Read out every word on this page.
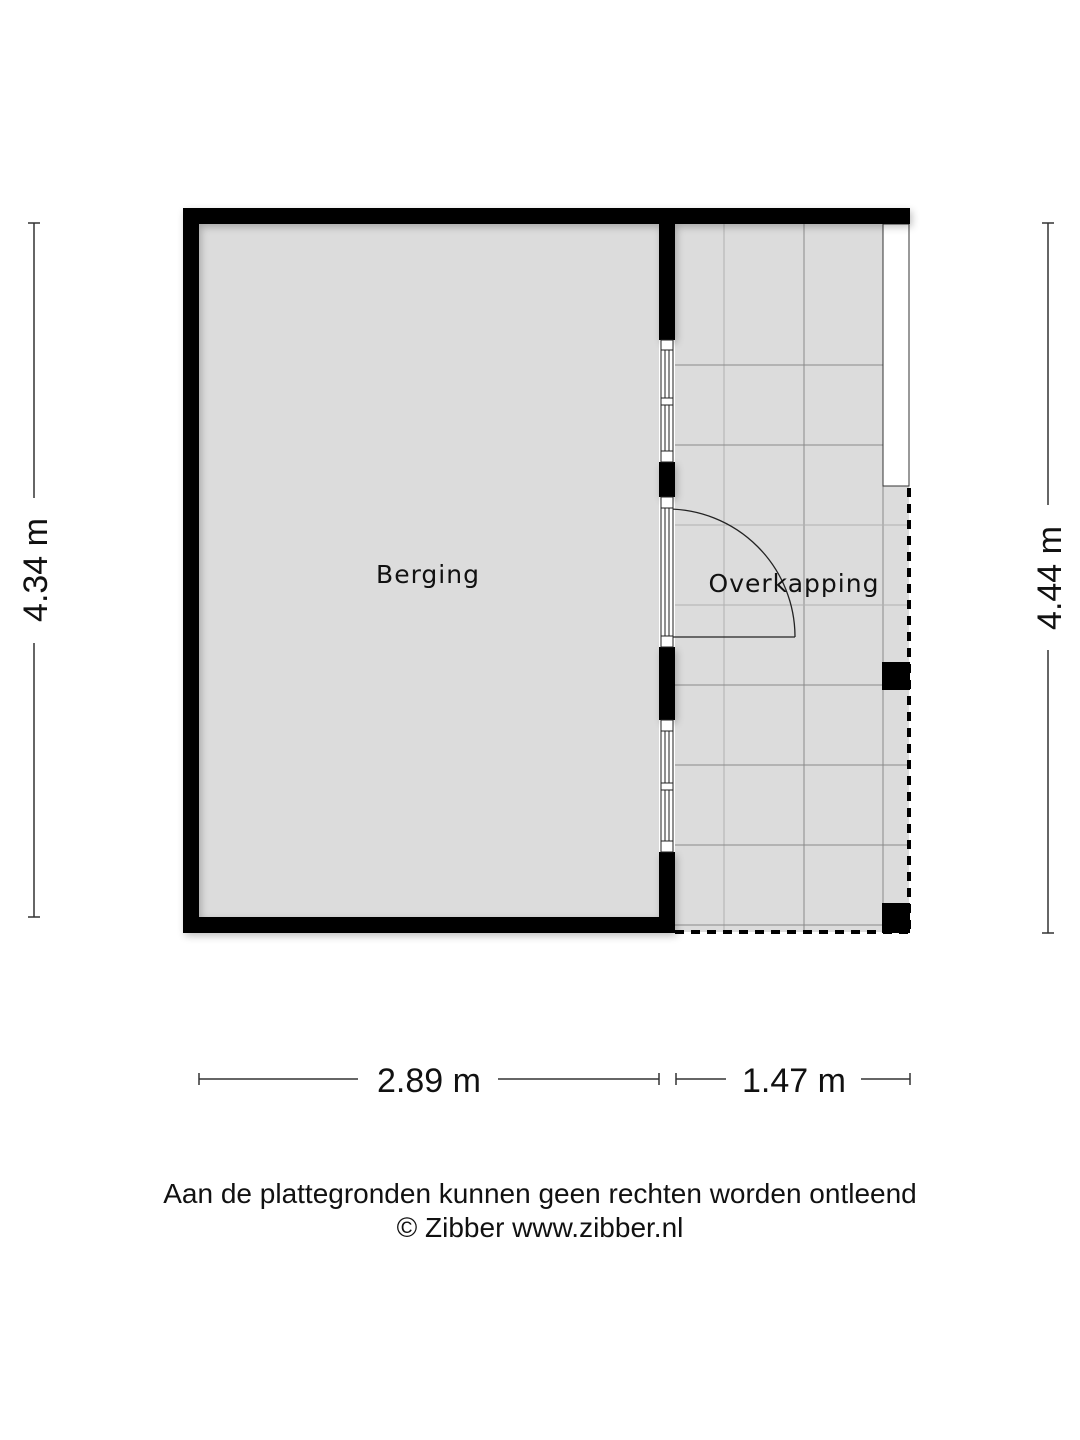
Berging	Overkapping
4.34 m	4.44 m
2.89 m	1.47 m
Aan de plattegronden kunnen geen rechten worden ontleend
© Zibber www.zibber.nl
